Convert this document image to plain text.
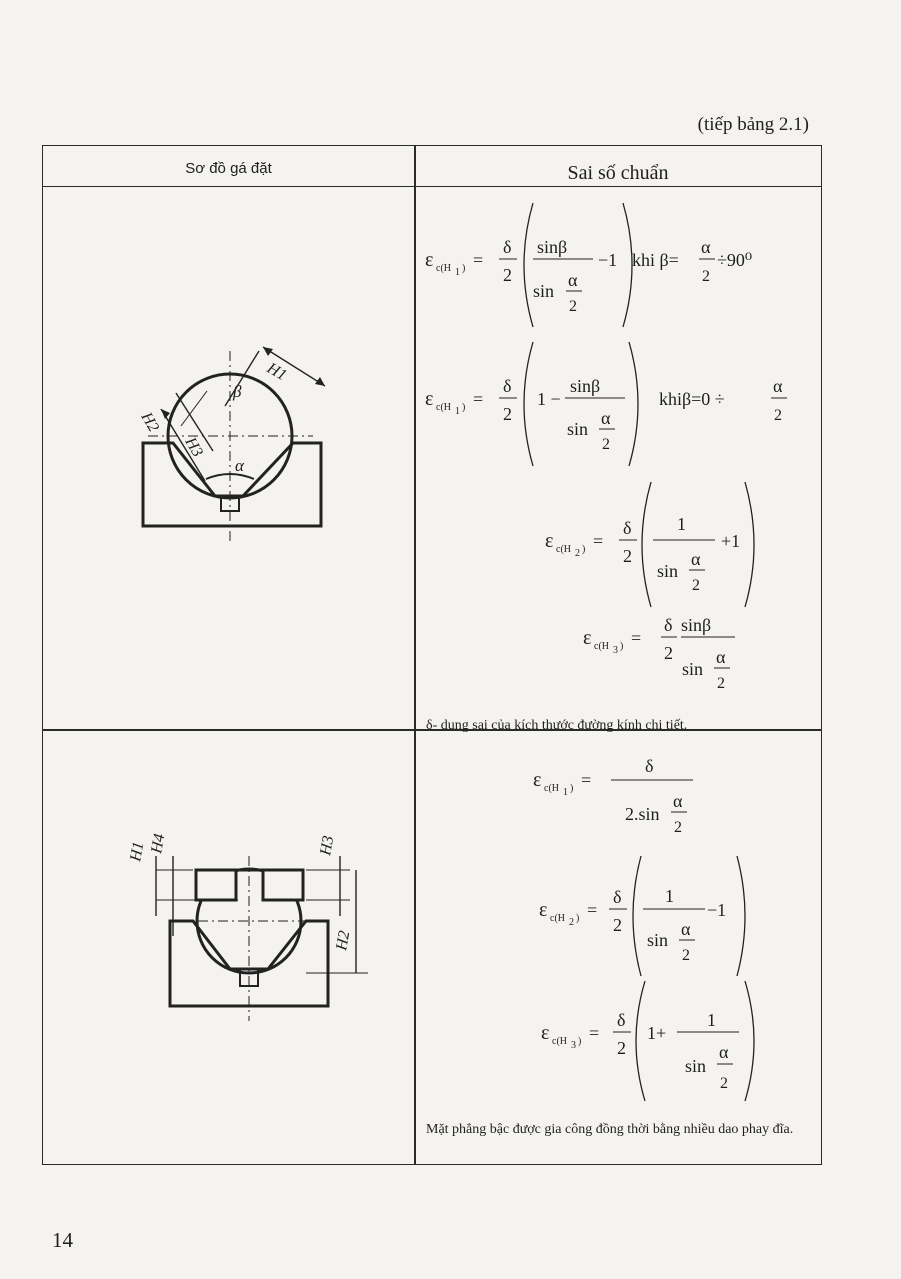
(tiếp bảng 2.1)
Sơ đồ gá đặt	Sai số chuẩn
H1
H2
H3
β
α
ε c(H 1 ) =
δ
2
sinβ
sin
α
2
−1 khi β=
α
2
÷90⁰
ε c(H 1 ) =
δ
2
1 −
sinβ
sin
α
2
khiβ=0 ÷
α
2
ε c(H 2 ) =
δ
2
1
sin
α
2
+1
ε c(H 3 ) =
δ
2
sinβ
sin
α
2
δ- dung sai của kích thước đường kính chi tiết.
H1 H4	H3
H2
ε c(H 1 ) =
δ
2.sin
α
2
ε c(H 2 ) =
δ
2
1
sin
α
2
−1
ε c(H 3 ) =
δ
2
1+
1
sin
α
2
Mặt phẳng bậc được gia công đồng thời bằng nhiều dao phay đĩa.
14
